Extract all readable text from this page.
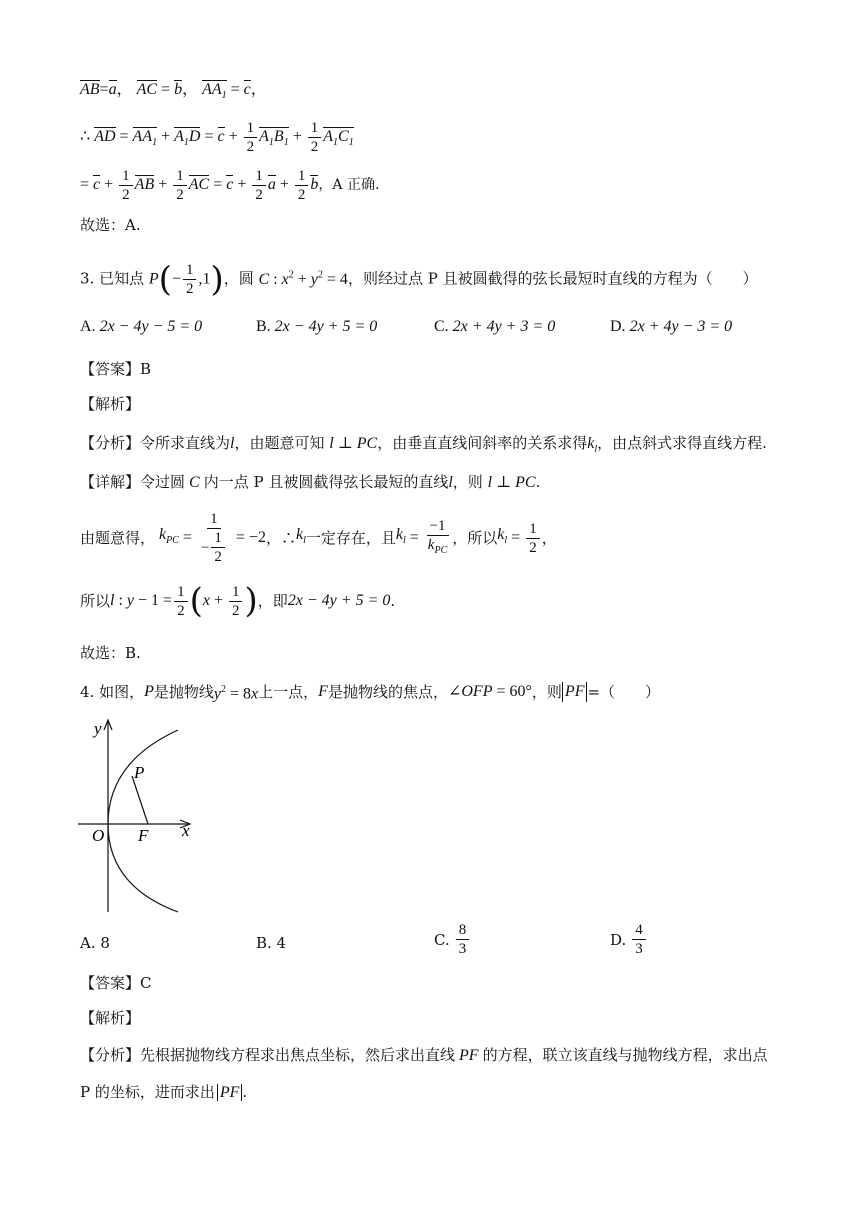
AB=a， AC = b， $AA_1 = c$，
∴ AD = $AA_1 + A_1D = c + \frac{1}{2} A_1B_1 + \frac{1}{2} A_1C_1$
= $c + \frac{1}{2}$ AB + $\frac{1}{2}$ AC = $c + \frac{1}{2}$ $a + \frac{1}{2}$ b，A 正确.
故选：A.
3. 已知点 $P(- \frac{1}{2} ,1)$，圆 C : $x^2 + y^2 = 4$，则经过点 P 且被圆截得的弦长最短时直线的方程为（　　）
A. 2x − 4y − 5 = 0	B. 2x − 4y + 5 = 0	C. 2x + 4y + 3 = 0	D. 2x + 4y − 3 = 0
【答案】B
【解析】
【分析】令所求直线为l，由题意可知 l ⊥ PC，由垂直直线间斜率的关系求得$k_l$，由点斜式求得直线方程.
【详解】令过圆 C 内一点 P 且被圆截得弦长最短的直线l，则 l ⊥ PC.
由题意得， $k_{PC} = \frac{1}{- \frac{1}{2}} = -2$ ，∴ $k_l$ 一定存在，且 $k_l = \frac{-1}{k_{PC}}$ ，所以 $k_l = \frac{1}{2}$ ，
所以 l : $y - 1 = \frac{1}{2}$ ( $x + \frac{1}{2}$ ) ，即 2x − 4y + 5 = 0 .
故选：B.
4.
如图， P 是抛物线 $y^2 = 8x$ 上一点， F 是抛物线的焦点， ∠OFP = 60° ，则 PF =（　　）
y
x
O
P
F
A. 8	B. 4	C.
$\frac{8}{3}$	D.
$\frac{4}{3}$
【答案】C
【解析】
【分析】先根据抛物线方程求出焦点坐标，然后求出直线 PF 的方程，联立该直线与抛物线方程，求出点
P 的坐标，进而求出 PF .
